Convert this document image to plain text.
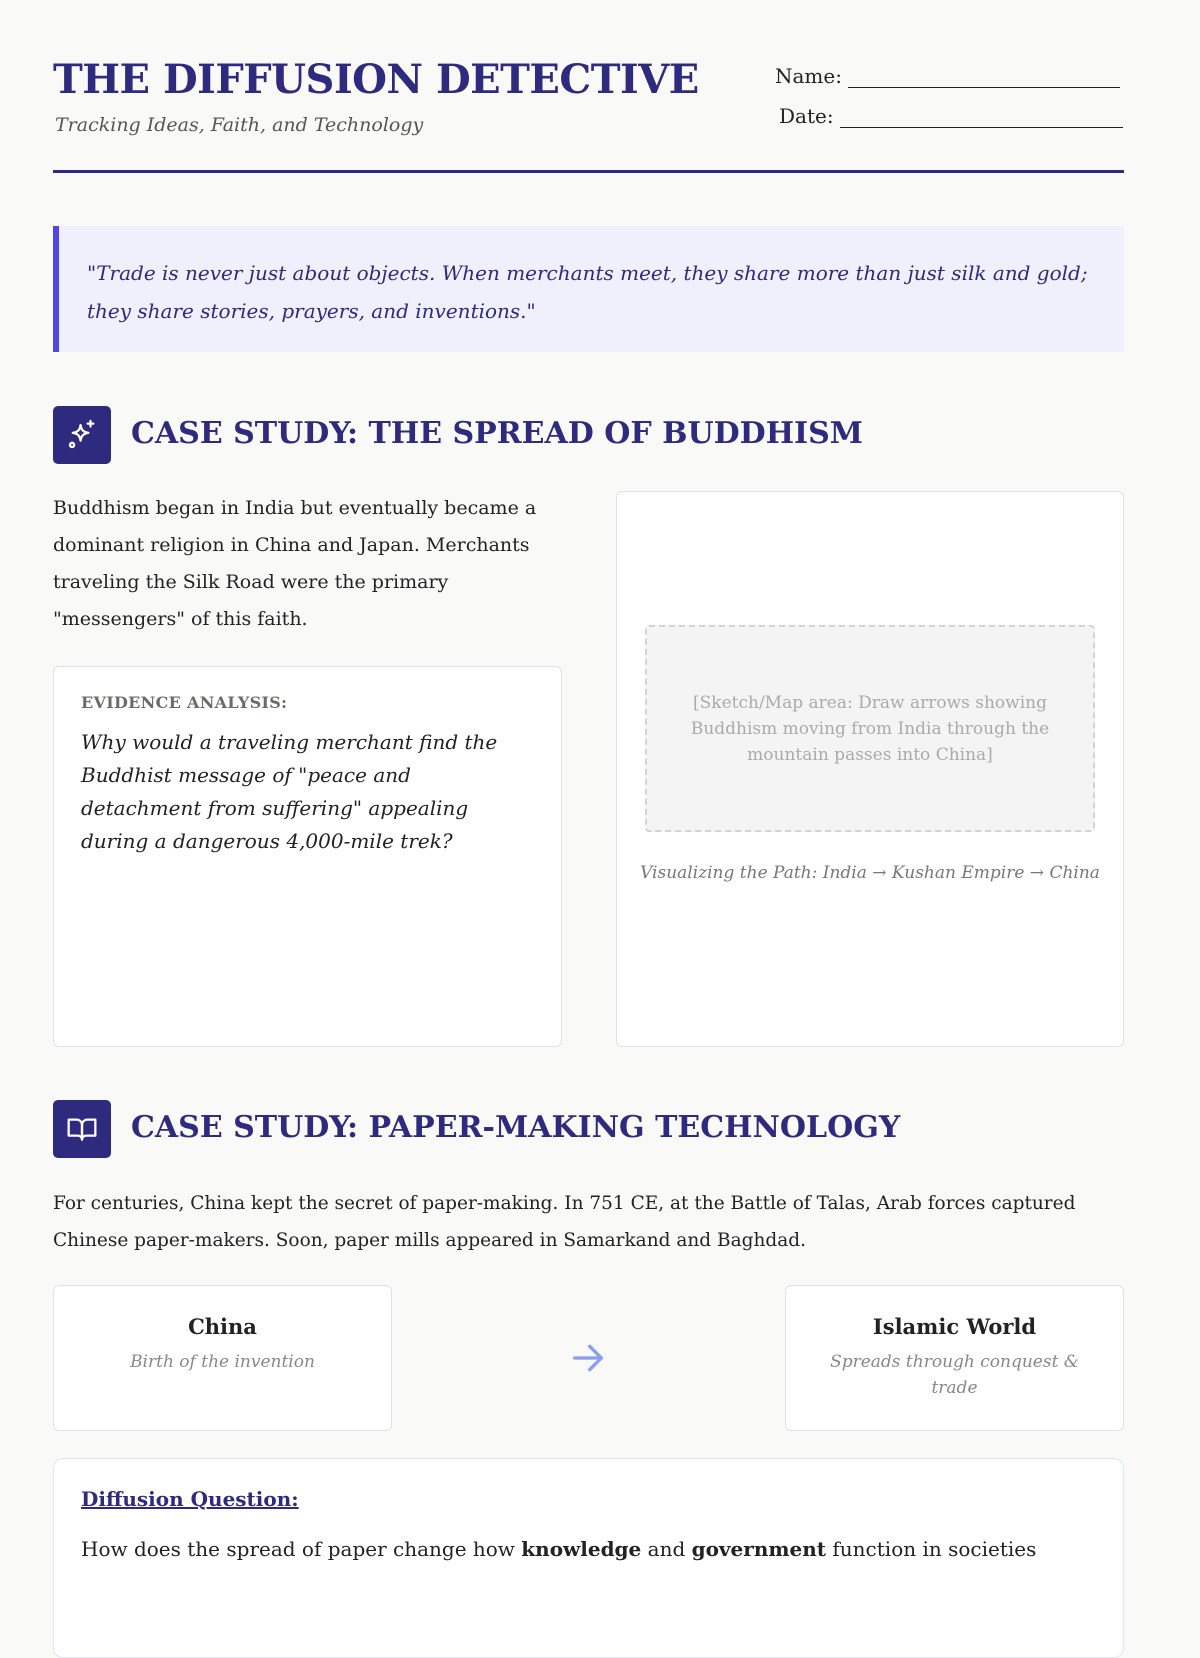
THE DIFFUSION DETECTIVE
Tracking Ideas, Faith, and Technology
Name:
Date:
"Trade is never just about objects. When merchants meet, they share more than just silk and gold; they share stories, prayers, and inventions."
CASE STUDY: THE SPREAD OF BUDDHISM
Buddhism began in India but eventually became a dominant religion in China and Japan. Merchants traveling the Silk Road were the primary "messengers" of this faith.
EVIDENCE ANALYSIS:
Why would a traveling merchant find the Buddhist message of "peace and detachment from suffering" appealing during a dangerous 4,000-mile trek?
[Sketch/Map area: Draw arrows showing Buddhism moving from India through the mountain passes into China]
Visualizing the Path: India → Kushan Empire → China
CASE STUDY: PAPER-MAKING TECHNOLOGY
For centuries, China kept the secret of paper-making. In 751 CE, at the Battle of Talas, Arab forces captured Chinese paper-makers. Soon, paper mills appeared in Samarkand and Baghdad.
China
Birth of the invention
Islamic World
Spreads through conquest & trade
Diffusion Question:
How does the spread of paper change how knowledge and government function in societies
